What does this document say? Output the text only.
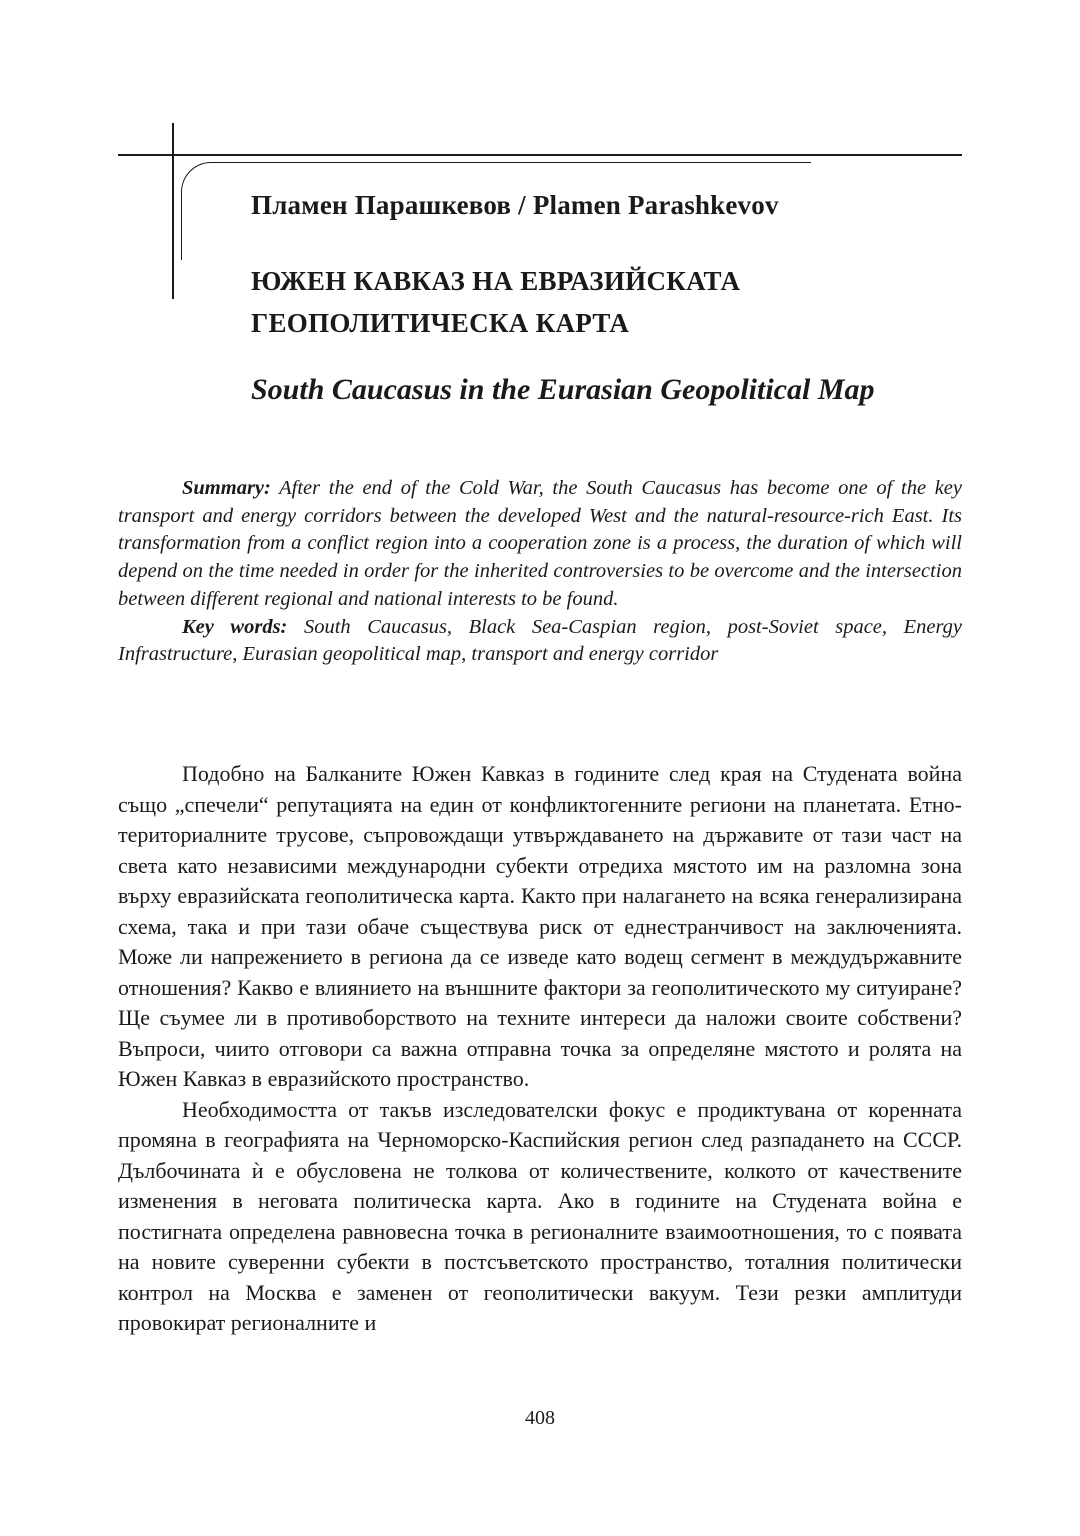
Пламен Парашкевов / Plamen Parashkevov
ЮЖЕН КАВКАЗ НА ЕВРАЗИЙСКАТА
ГЕОПОЛИТИЧЕСКА КАРТА
South Caucasus in the Eurasian Geopolitical Map

Summary: After the end of the Cold War, the South Caucasus has become one of the key transport and energy corridors between the developed West and the natural-resource-rich East. Its transformation from a conflict region into a cooperation zone is a process, the duration of which will depend on the time needed in order for the inherited controversies to be overcome and the intersection between different regional and national interests to be found.

Key words: South Caucasus, Black Sea-Caspian region, post-Soviet space, Energy Infrastructure, Eurasian geopolitical map, transport and energy corridor

Подобно на Балканите Южен Кавказ в годините след края на Студената война също „спечели“ репутацията на един от конфликтогенните региони на планетата. Етно-териториалните трусове, съпровождащи утвърждаването на държавите от тази част на света като независими международни субекти отредиха мястото им на разломна зона върху евразийската геополитическа карта. Както при налагането на всяка генерализирана схема, така и при тази обаче съществува риск от еднестранчивост на заключенията. Може ли напрежението в региона да се изведе като водещ сегмент в междудържавните отношения? Какво е влиянието на външните фактори за геополитическото му ситуиране? Ще съумее ли в противоборството на техните интереси да наложи своите собствени? Въпроси, чиито отговори са важна отправна точка за определяне мястото и ролята на Южен Кавказ в евразийското пространство.

Необходимостта от такъв изследователски фокус е продиктувана от коренната промяна в географията на Черноморско-Каспийския регион след разпадането на СССР. Дълбочината ѝ е обусловена не толкова от количествените, колкото от качествените изменения в неговата политическа карта. Ако в годините на Студената война е постигната определена равновесна точка в регионалните взаимоотношения, то с появата на новите суверенни субекти в постсъветското пространство, тоталния политически контрол на Москва е заменен от геополитически вакуум. Тези резки амплитуди провокират регионалните и

408
